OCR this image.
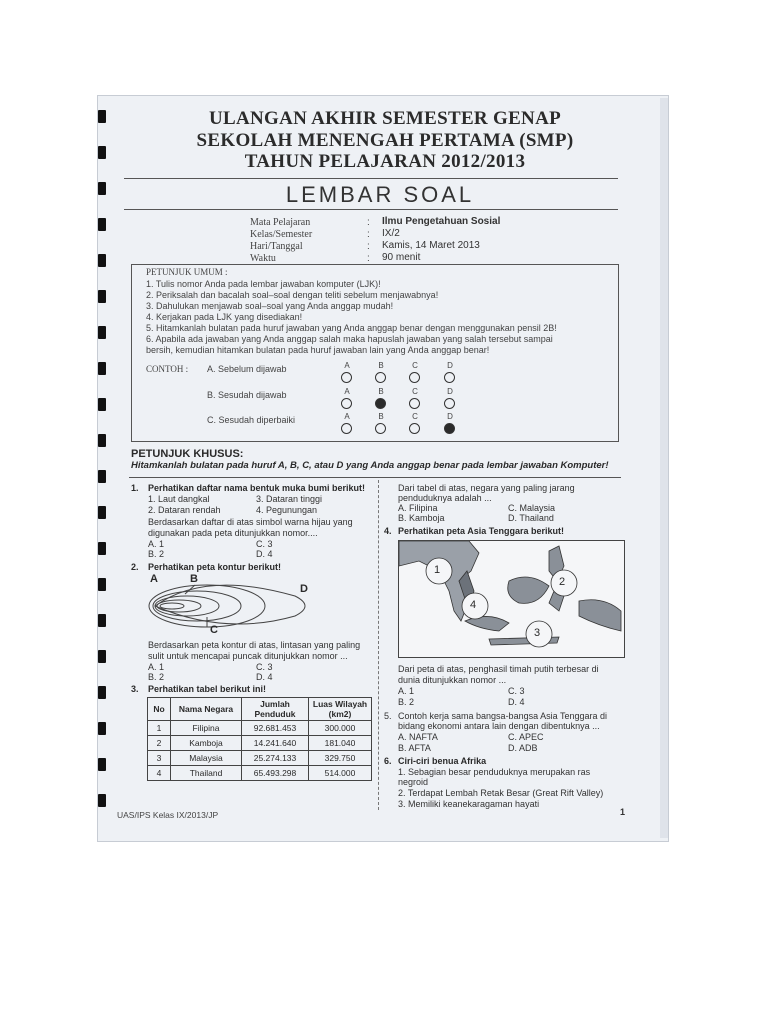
ULANGAN AKHIR SEMESTER GENAP
SEKOLAH MENENGAH PERTAMA (SMP)
TAHUN PELAJARAN 2012/2013
LEMBAR SOAL
Mata Pelajaran	: Ilmu Pengetahuan Sosial
Kelas/Semester	: IX/2
Hari/Tanggal	: Kamis, 14 Maret 2013
Waktu	: 90 menit
PETUNJUK UMUM :
1. Tulis nomor Anda pada lembar jawaban komputer (LJK)!
2. Periksalah dan bacalah soal–soal dengan teliti sebelum menjawabnya!
3. Dahulukan menjawab soal–soal yang Anda anggap mudah!
4. Kerjakan pada LJK yang disediakan!
5. Hitamkanlah bulatan pada huruf jawaban yang Anda anggap benar dengan menggunakan pensil 2B!
6. Apabila ada jawaban yang Anda anggap salah maka hapuslah jawaban yang salah tersebut sampai
bersih, kemudian hitamkan bulatan pada huruf jawaban lain yang Anda anggap benar!
CONTOH : A. Sebelum dijawab
B. Sesudah dijawab
C. Sesudah diperbaiki
A	B	C	D
A	B	C	D
A	B	C	D
PETUNJUK KHUSUS:
Hitamkanlah bulatan pada huruf A, B, C, atau D yang Anda anggap benar pada lembar jawaban Komputer!
1. Perhatikan daftar nama bentuk muka bumi berikut!
1. Laut dangkal
2. Dataran rendah
3. Dataran tinggi
4. Pegunungan
Berdasarkan daftar di atas simbol warna hijau yang
digunakan pada peta ditunjukkan nomor....
A. 1
B. 2
C. 3
D. 4
2. Perhatikan peta kontur berikut!
A	B
C
D
Berdasarkan peta kontur di atas, lintasan yang paling
sulit untuk mencapai puncak ditunjukkan nomor ...
A. 1
B. 2
C. 3
D. 4
3. Perhatikan tabel berikut ini!
No	Nama Negara	Jumlah Penduduk	Luas Wilayah (km2)
1	Filipina	92.681.453	300.000
2	Kamboja	14.241.640	181.040
3	Malaysia	25.274.133	329.750
4	Thailand	65.493.298	514.000
Dari tabel di atas, negara yang paling jarang
penduduknya adalah ...
A. Filipina
B. Kamboja
C. Malaysia
D. Thailand
4. Perhatikan peta Asia Tenggara berikut!
1
2
3
4
Dari peta di atas, penghasil timah putih terbesar di
dunia ditunjukkan nomor ...
A. 1
B. 2
C. 3
D. 4
5. Contoh kerja sama bangsa-bangsa Asia Tenggara di
bidang ekonomi antara lain dengan dibentuknya ...
A. NAFTA
B. AFTA
C. APEC
D. ADB
6. Ciri-ciri benua Afrika
1. Sebagian besar penduduknya merupakan ras
negroid
2. Terdapat Lembah Retak Besar (Great Rift Valley)
3. Memiliki keanekaragaman hayati
UAS/IPS Kelas IX/2013/JP	1
